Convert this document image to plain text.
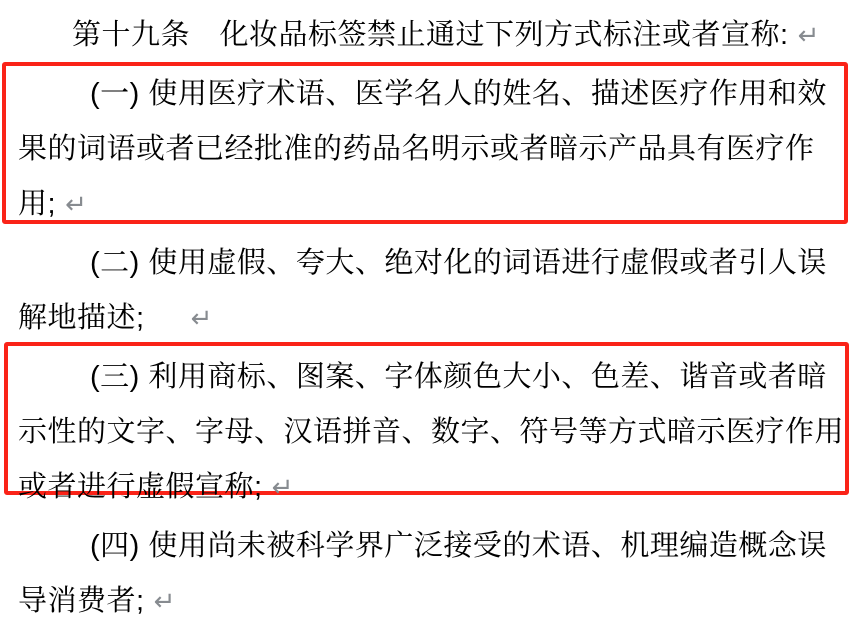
第十九条　化妆品标签禁止通过下列方式标注或者宣称: ↵
(一) 使用医疗术语、医学名人的姓名、描述医疗作用和效
果的词语或者已经批准的药品名明示或者暗示产品具有医疗作
用; ↵
(二) 使用虚假、夸大、绝对化的词语进行虚假或者引人误
解地描述; ↵
(三) 利用商标、图案、字体颜色大小、色差、谐音或者暗
示性的文字、字母、汉语拼音、数字、符号等方式暗示医疗作用
或者进行虚假宣称; ↵
(四) 使用尚未被科学界广泛接受的术语、机理编造概念误
导消费者; ↵
